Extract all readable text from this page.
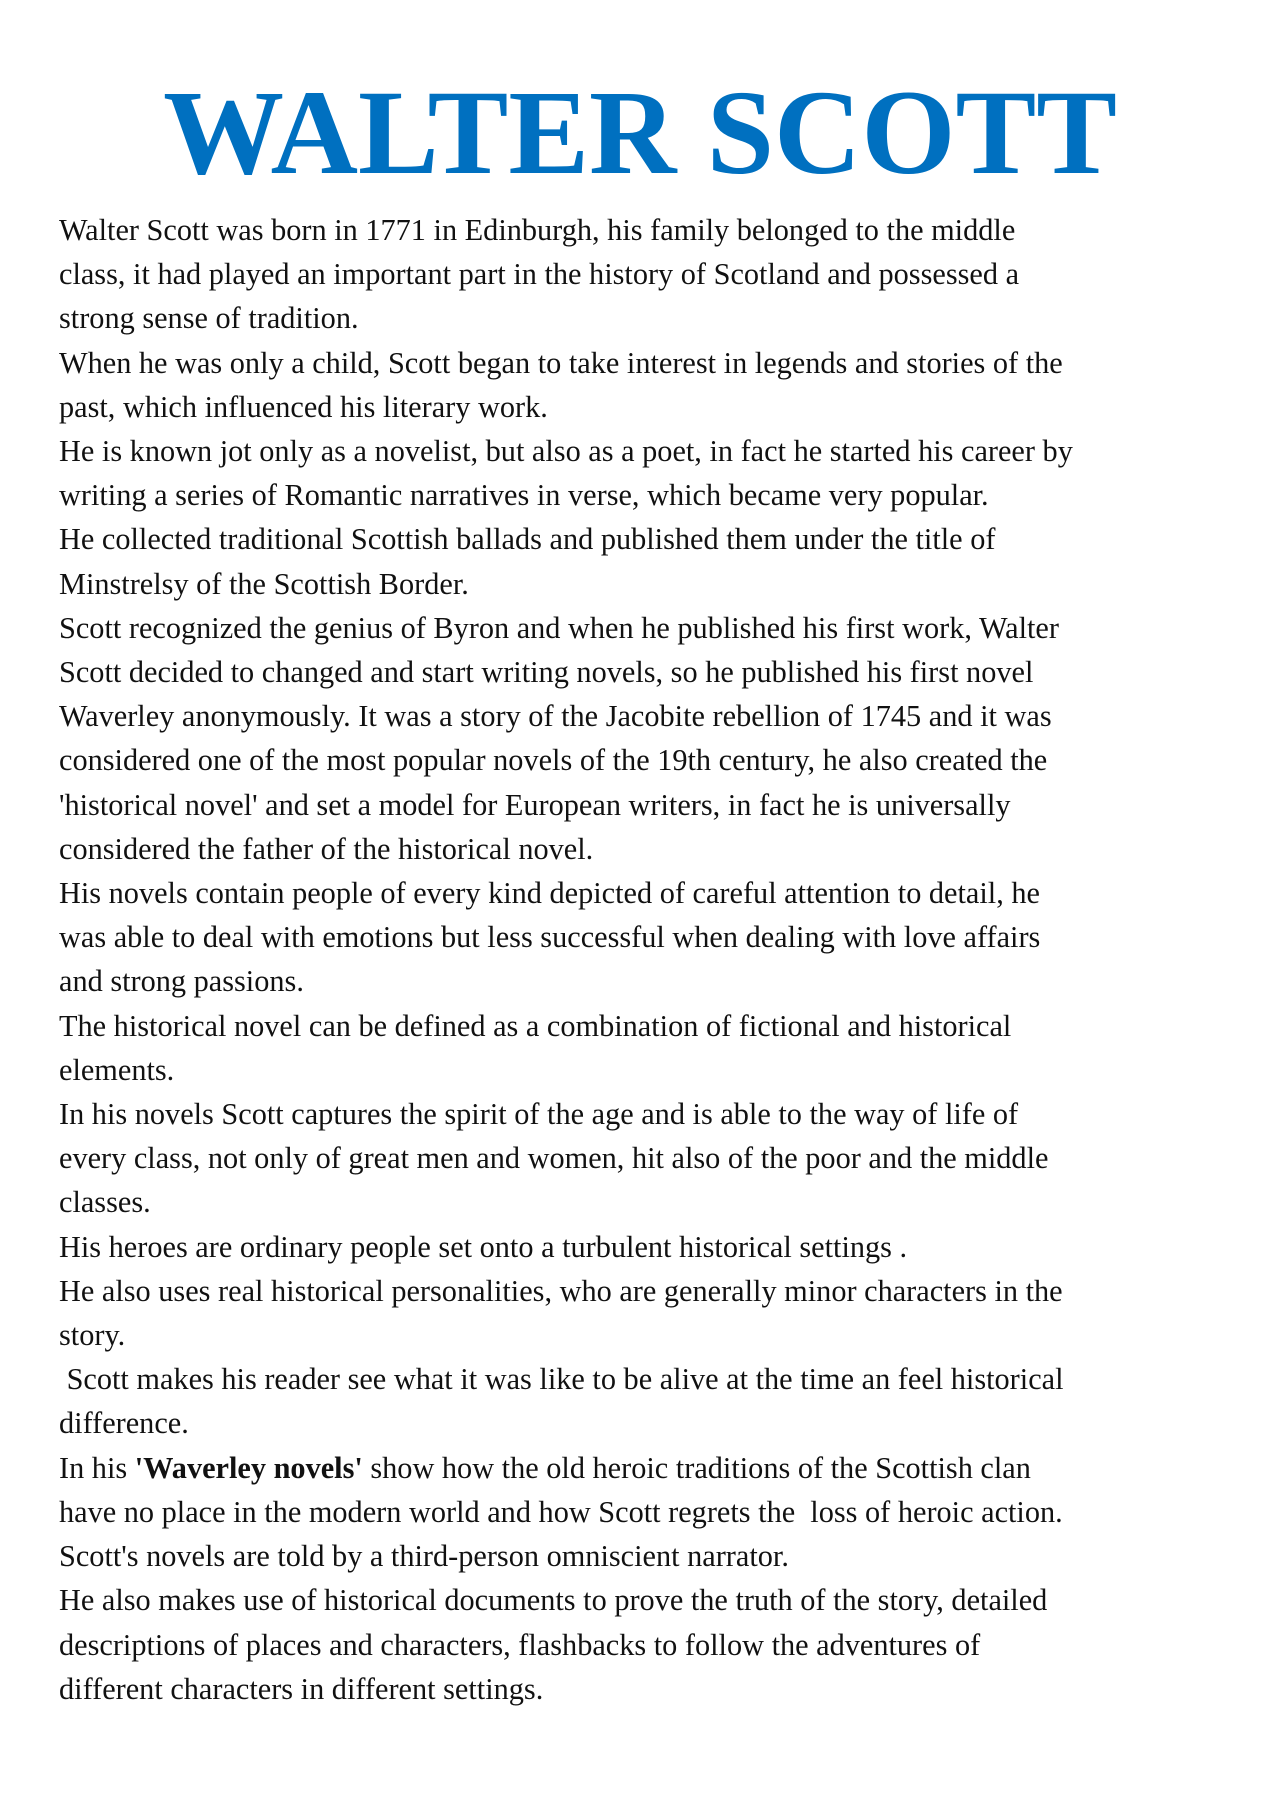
WALTER SCOTT

Walter Scott was born in 1771 in Edinburgh, his family belonged to the middle

class, it had played an important part in the history of Scotland and possessed a

strong sense of tradition.

When he was only a child, Scott began to take interest in legends and stories of the

past, which influenced his literary work.

He is known jot only as a novelist, but also as a poet, in fact he started his career by

writing a series of Romantic narratives in verse, which became very popular.

He collected traditional Scottish ballads and published them under the title of

Minstrelsy of the Scottish Border.

Scott recognized the genius of Byron and when he published his first work, Walter

Scott decided to changed and start writing novels, so he published his first novel

Waverley anonymously. It was a story of the Jacobite rebellion of 1745 and it was

considered one of the most popular novels of the 19th century, he also created the

'historical novel' and set a model for European writers, in fact he is universally

considered the father of the historical novel.

His novels contain people of every kind depicted of careful attention to detail, he

was able to deal with emotions but less successful when dealing with love affairs

and strong passions.

The historical novel can be defined as a combination of fictional and historical

elements.

In his novels Scott captures the spirit of the age and is able to the way of life of

every class, not only of great men and women, hit also of the poor and the middle

classes.

His heroes are ordinary people set onto a turbulent historical settings .

He also uses real historical personalities, who are generally minor characters in the

story.

Scott makes his reader see what it was like to be alive at the time an feel historical

difference.

In his 'Waverley novels' show how the old heroic traditions of the Scottish clan

have no place in the modern world and how Scott regrets the  loss of heroic action.

Scott's novels are told by a third-person omniscient narrator.

He also makes use of historical documents to prove the truth of the story, detailed

descriptions of places and characters, flashbacks to follow the adventures of

different characters in different settings.
